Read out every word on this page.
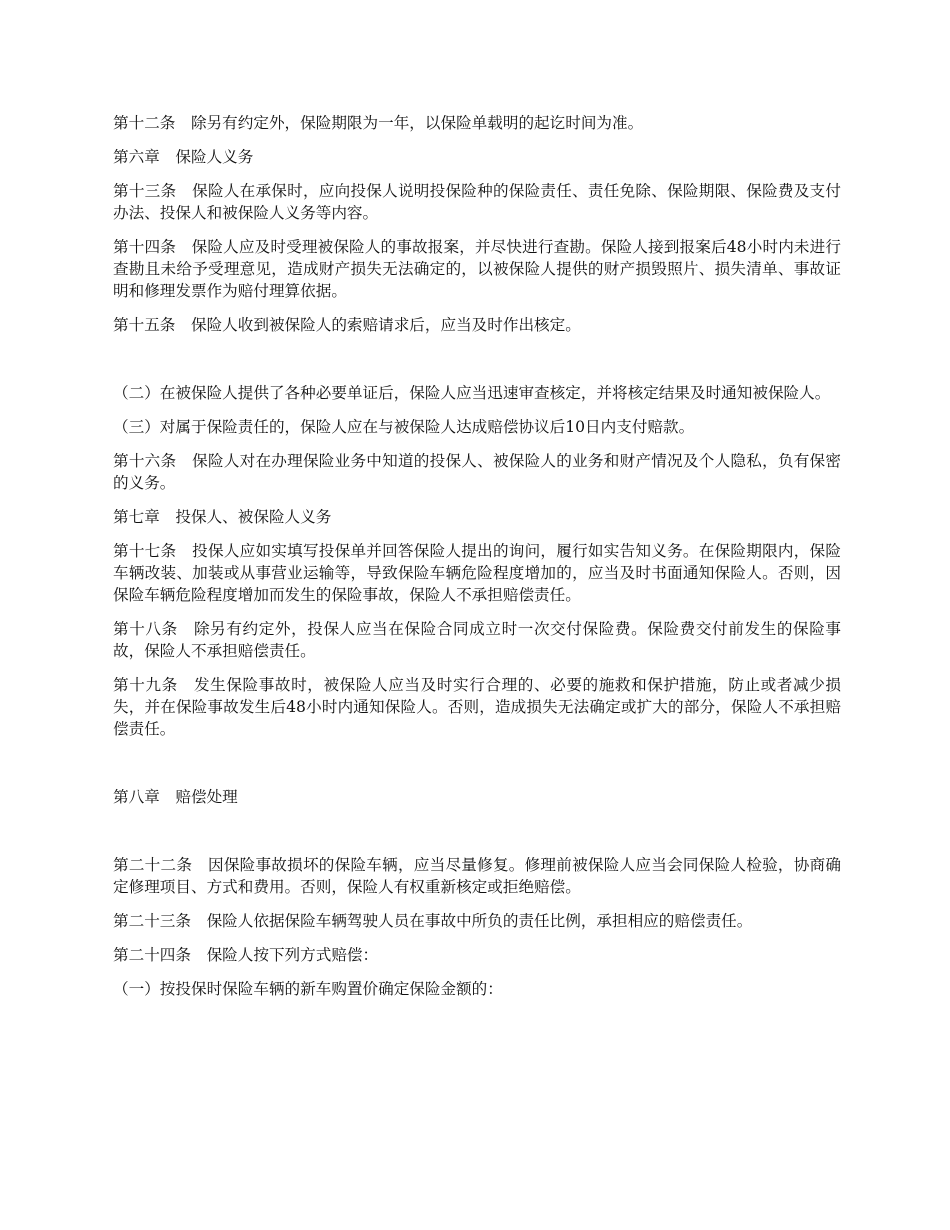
第十二条　除另有约定外，保险期限为一年，以保险单载明的起讫时间为准。

第六章　保险人义务

第十三条　保险人在承保时，应向投保人说明投保险种的保险责任、责任免除、保险期限、保险费及支付办法、投保人和被保险人义务等内容。

第十四条　保险人应及时受理被保险人的事故报案，并尽快进行查勘。保险人接到报案后48小时内未进行查勘且未给予受理意见，造成财产损失无法确定的，以被保险人提供的财产损毁照片、损失清单、事故证明和修理发票作为赔付理算依据。

第十五条　保险人收到被保险人的索赔请求后，应当及时作出核定。

（二）在被保险人提供了各种必要单证后，保险人应当迅速审查核定，并将核定结果及时通知被保险人。

（三）对属于保险责任的，保险人应在与被保险人达成赔偿协议后10日内支付赔款。

第十六条　保险人对在办理保险业务中知道的投保人、被保险人的业务和财产情况及个人隐私，负有保密的义务。

第七章　投保人、被保险人义务

第十七条　投保人应如实填写投保单并回答保险人提出的询问，履行如实告知义务。在保险期限内，保险车辆改装、加装或从事营业运输等，导致保险车辆危险程度增加的，应当及时书面通知保险人。否则，因保险车辆危险程度增加而发生的保险事故，保险人不承担赔偿责任。

第十八条　除另有约定外，投保人应当在保险合同成立时一次交付保险费。保险费交付前发生的保险事故，保险人不承担赔偿责任。

第十九条　发生保险事故时，被保险人应当及时实行合理的、必要的施救和保护措施，防止或者减少损失，并在保险事故发生后48小时内通知保险人。否则，造成损失无法确定或扩大的部分，保险人不承担赔偿责任。

第八章　赔偿处理

第二十二条　因保险事故损坏的保险车辆，应当尽量修复。修理前被保险人应当会同保险人检验，协商确定修理项目、方式和费用。否则，保险人有权重新核定或拒绝赔偿。

第二十三条　保险人依据保险车辆驾驶人员在事故中所负的责任比例，承担相应的赔偿责任。

第二十四条　保险人按下列方式赔偿：

（一）按投保时保险车辆的新车购置价确定保险金额的：
